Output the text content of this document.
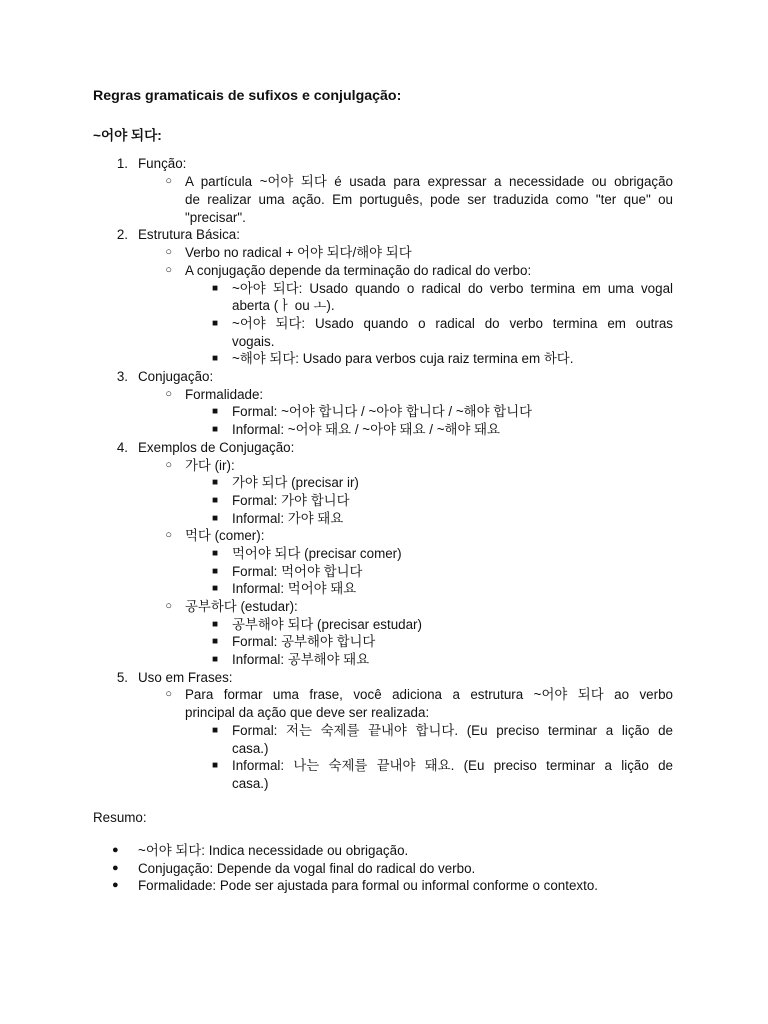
Regras gramaticais de sufixos e conjulgação:
~어야 되다:
1. Função:
○ A partícula ~어야 되다 é usada para expressar a necessidade ou obrigação
de realizar uma ação. Em português, pode ser traduzida como "ter que" ou
"precisar".
2. Estrutura Básica:
○ Verbo no radical + 어야 되다/해야 되다
○ A conjugação depende da terminação do radical do verbo:
■ ~아야 되다: Usado quando o radical do verbo termina em uma vogal
aberta (ㅏ ou ㅗ).
■ ~어야 되다: Usado quando o radical do verbo termina em outras
vogais.
■ ~해야 되다: Usado para verbos cuja raiz termina em 하다.
3. Conjugação:
○ Formalidade:
■ Formal: ~어야 합니다 / ~아야 합니다 / ~해야 합니다
■ Informal: ~어야 돼요 / ~아야 돼요 / ~해야 돼요
4. Exemplos de Conjugação:
○ 가다 (ir):
■ 가야 되다 (precisar ir)
■ Formal: 가야 합니다
■ Informal: 가야 돼요
○ 먹다 (comer):
■ 먹어야 되다 (precisar comer)
■ Formal: 먹어야 합니다
■ Informal: 먹어야 돼요
○ 공부하다 (estudar):
■ 공부해야 되다 (precisar estudar)
■ Formal: 공부해야 합니다
■ Informal: 공부해야 돼요
5. Uso em Frases:
○ Para formar uma frase, você adiciona a estrutura ~어야 되다 ao verbo
principal da ação que deve ser realizada:
■ Formal: 저는 숙제를 끝내야 합니다. (Eu preciso terminar a lição de
casa.)
■ Informal: 나는 숙제를 끝내야 돼요. (Eu preciso terminar a lição de
casa.)
Resumo:
● ~어야 되다: Indica necessidade ou obrigação.
● Conjugação: Depende da vogal final do radical do verbo.
● Formalidade: Pode ser ajustada para formal ou informal conforme o contexto.
